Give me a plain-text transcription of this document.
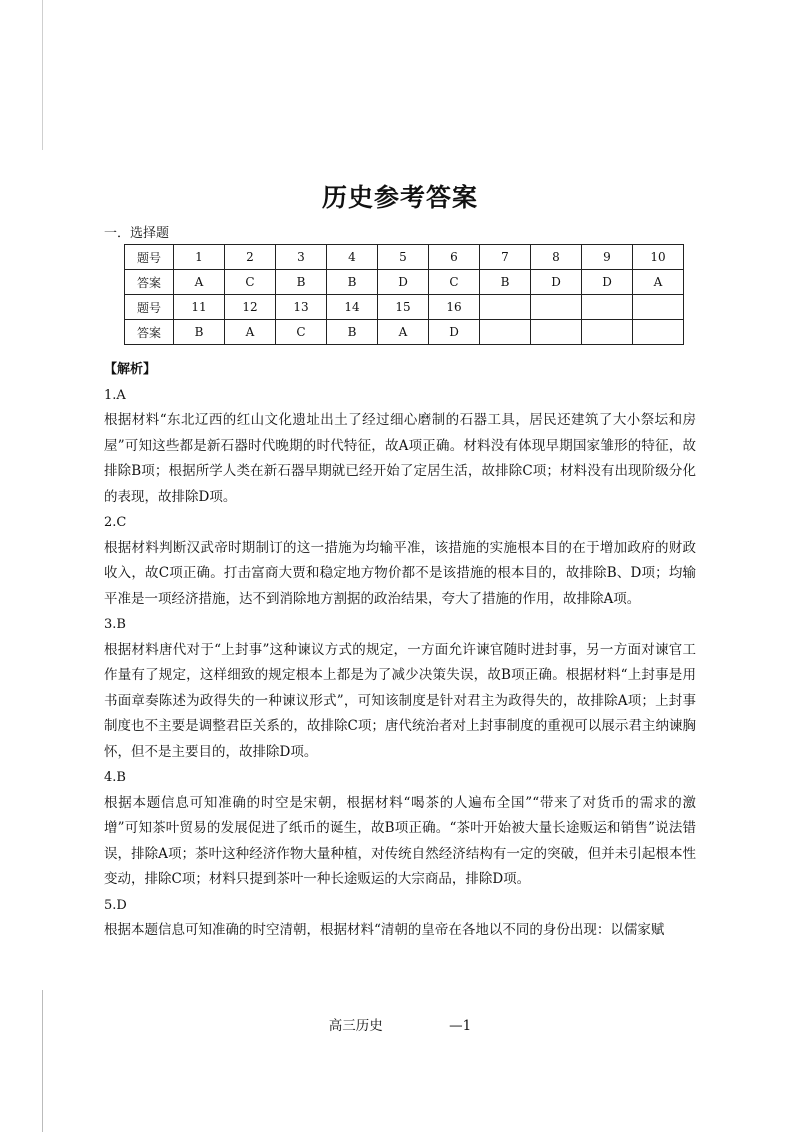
历史参考答案
一．选择题
题号	1	2	3	4	5	6	7	8	9	10
答案	A	C	B	B	D	C	B	D	D	A
题号	11	12	13	14	15	16				
答案	B	A	C	B	A	D				
【解析】
1.A
根据材料“东北辽西的红山文化遗址出土了经过细心磨制的石器工具，居民还建筑了大小祭坛和房屋”可知这些都是新石器时代晚期的时代特征，故A项正确。材料没有体现早期国家雏形的特征，故排除B项；根据所学人类在新石器早期就已经开始了定居生活，故排除C项；材料没有出现阶级分化的表现，故排除D项。
2.C
根据材料判断汉武帝时期制订的这一措施为均输平准，该措施的实施根本目的在于增加政府的财政收入，故C项正确。打击富商大贾和稳定地方物价都不是该措施的根本目的，故排除B、D项；均输平准是一项经济措施，达不到消除地方割据的政治结果，夸大了措施的作用，故排除A项。
3.B
根据材料唐代对于“上封事”这种谏议方式的规定，一方面允许谏官随时进封事，另一方面对谏官工作量有了规定，这样细致的规定根本上都是为了减少决策失误，故B项正确。根据材料“上封事是用书面章奏陈述为政得失的一种谏议形式”，可知该制度是针对君主为政得失的，故排除A项；上封事制度也不主要是调整君臣关系的，故排除C项；唐代统治者对上封事制度的重视可以展示君主纳谏胸怀，但不是主要目的，故排除D项。
4.B
根据本题信息可知准确的时空是宋朝，根据材料“喝茶的人遍布全国”“带来了对货币的需求的激增”可知茶叶贸易的发展促进了纸币的诞生，故B项正确。“茶叶开始被大量长途贩运和销售”说法错误，排除A项；茶叶这种经济作物大量种植，对传统自然经济结构有一定的突破，但并未引起根本性变动，排除C项；材料只提到茶叶一种长途贩运的大宗商品，排除D项。
5.D
根据本题信息可知准确的时空清朝，根据材料“清朝的皇帝在各地以不同的身份出现：以儒家赋
高三历史	—1
